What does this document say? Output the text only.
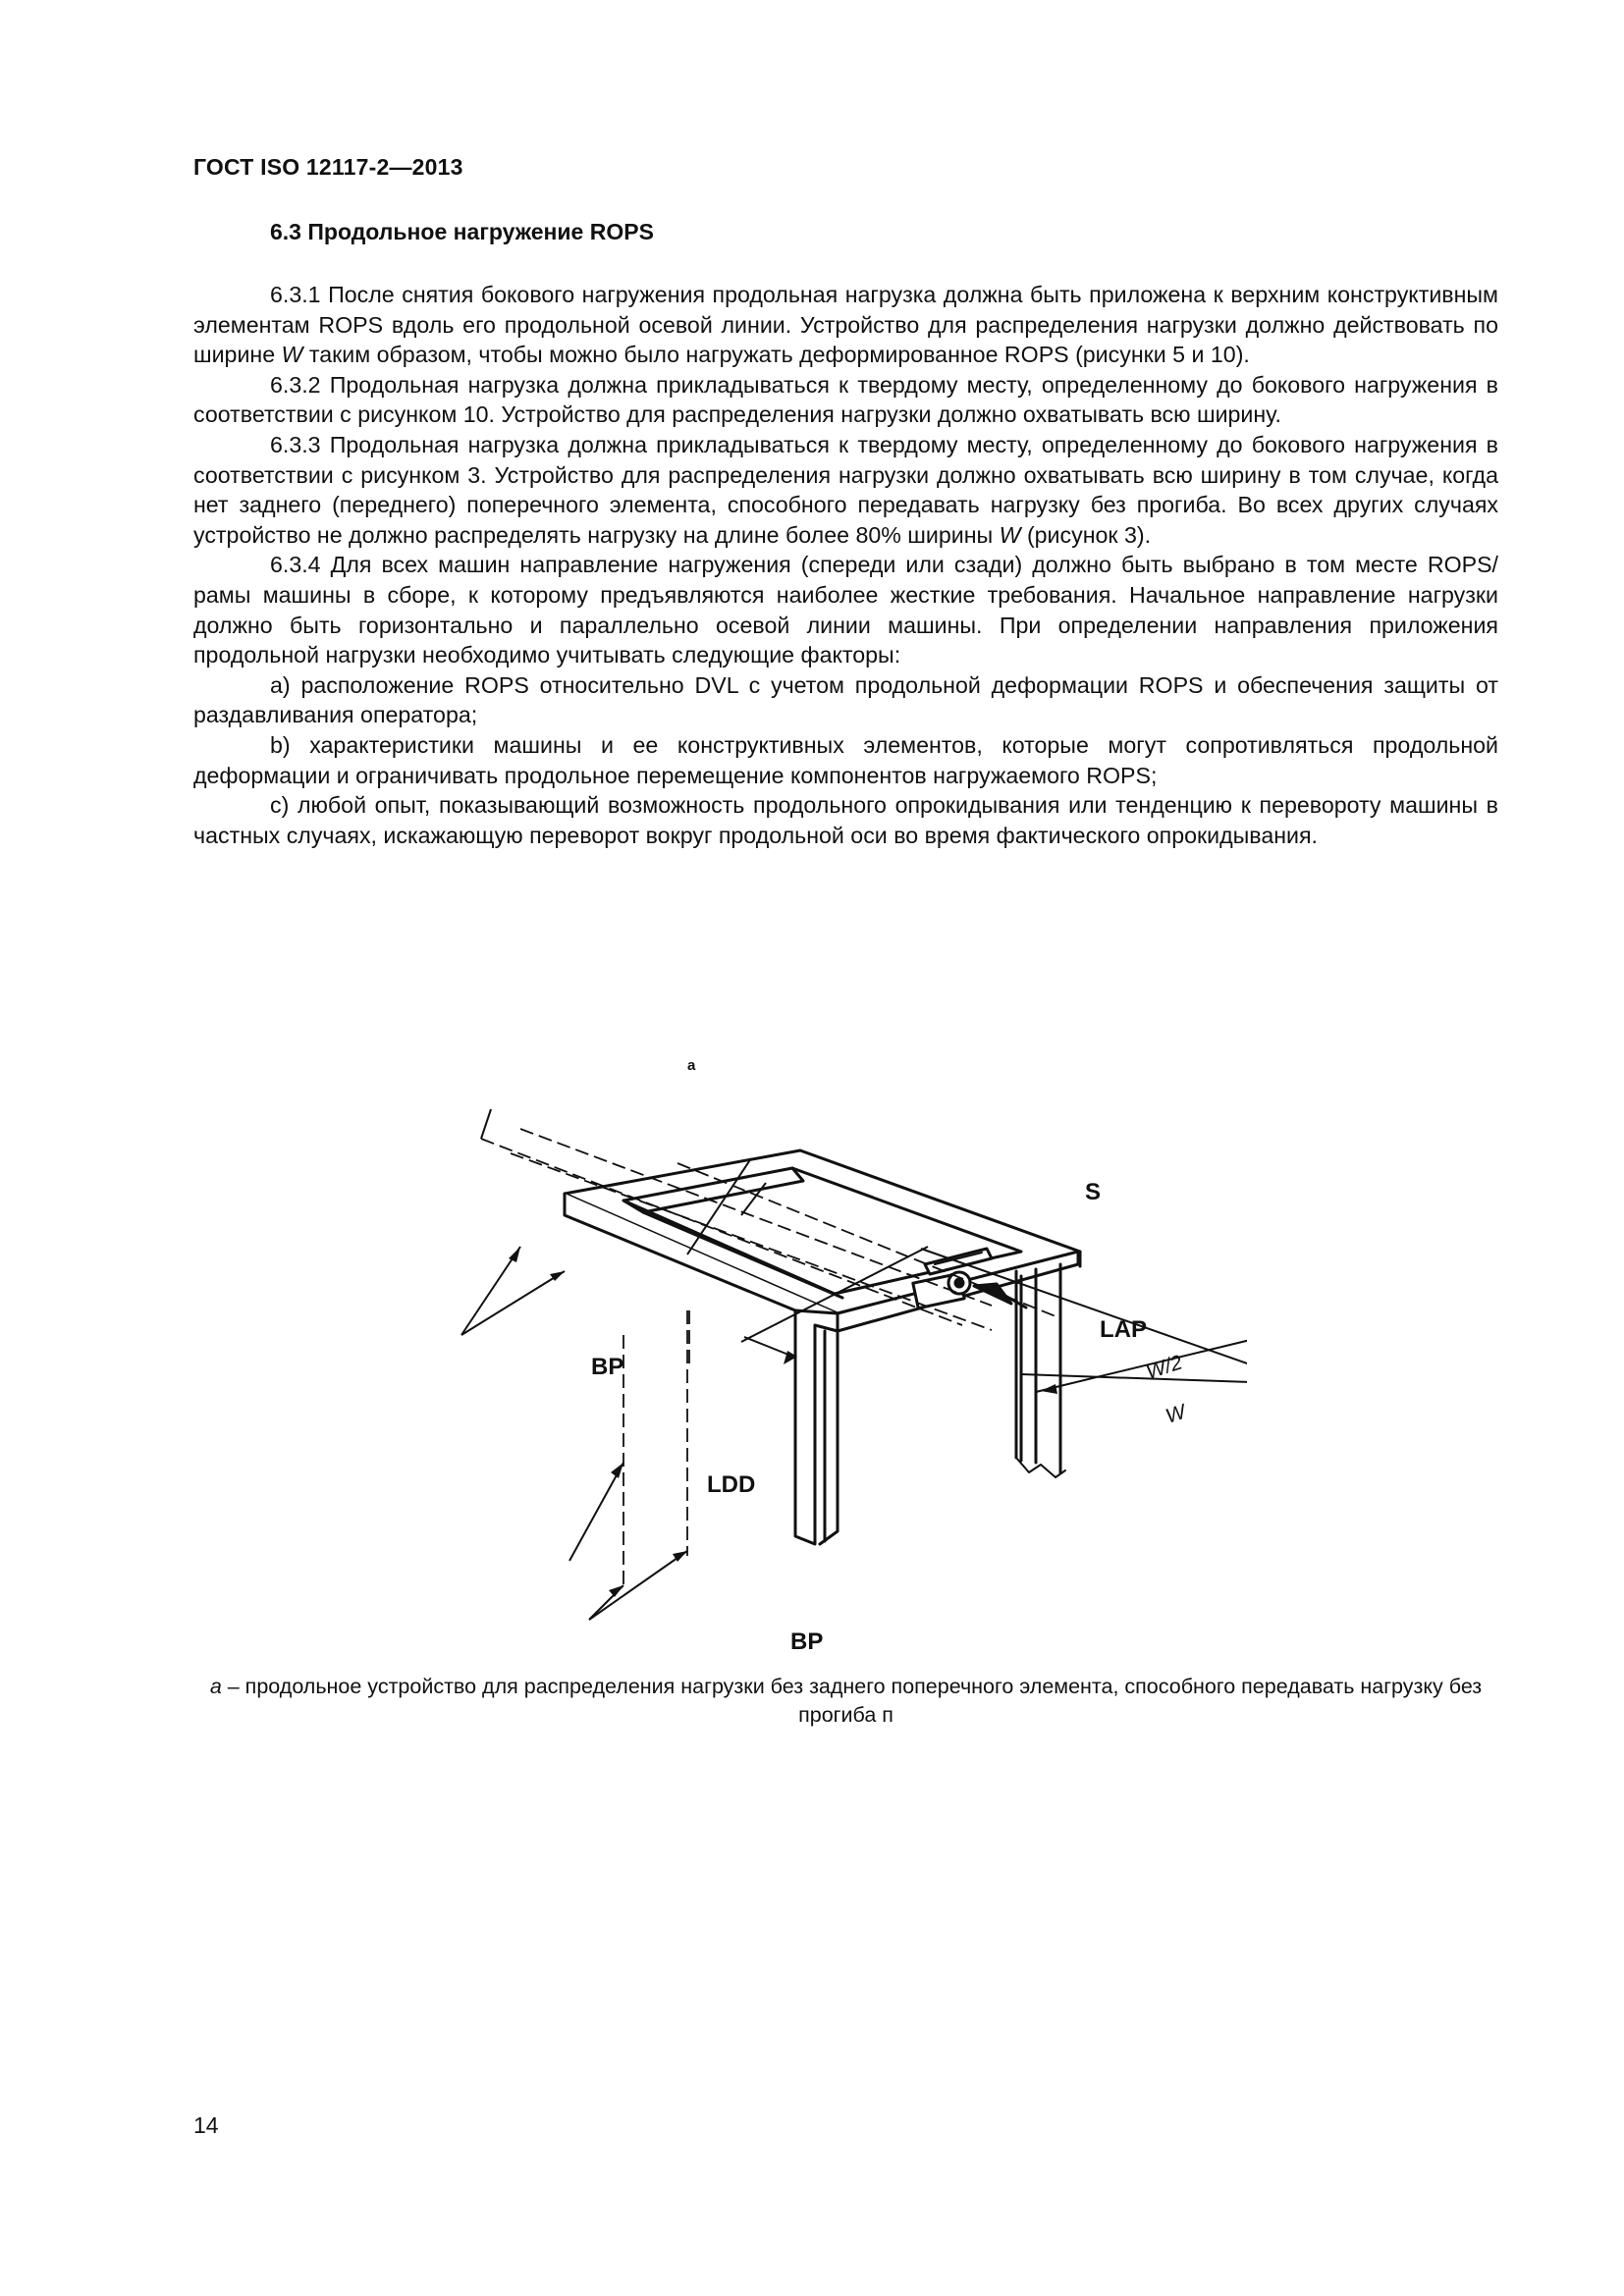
ГОСТ ISO 12117-2—2013
6.3 Продольное нагружение ROPS

6.3.1 После снятия бокового нагружения продольная нагрузка должна быть приложена к верхним конструктивным элементам ROPS вдоль его продольной осевой линии. Устройство для распределения нагрузки должно действовать по ширине W таким образом, чтобы можно было нагружать деформированное ROPS (рисунки 5 и 10).

6.3.2 Продольная нагрузка должна прикладываться к твердому месту, определенному до бокового нагружения в соответствии с рисунком 10. Устройство для распределения нагрузки должно охватывать всю ширину.

6.3.3 Продольная нагрузка должна прикладываться к твердому месту, определенному до бокового нагружения в соответствии с рисунком 3. Устройство для распределения нагрузки должно охватывать всю ширину в том случае, когда нет заднего (переднего) поперечного элемента, способного передавать нагрузку без прогиба. Во всех других случаях устройство не должно распределять нагрузку на длине более 80% ширины W (рисунок 3).

6.3.4 Для всех машин направление нагружения (спереди или сзади) должно быть выбрано в том месте ROPS/рамы машины в сборе, к которому предъявляются наиболее жесткие требования. Начальное направление нагрузки должно быть горизонтально и параллельно осевой линии машины. При определении направления приложения продольной нагрузки необходимо учитывать следующие факторы:

а) расположение ROPS относительно DVL с учетом продольной деформации ROPS и обеспечения защиты от раздавливания оператора;

b) характеристики машины и ее конструктивных элементов, которые могут сопротивляться продольной деформации и ограничивать продольное перемещение компонентов нагружаемого ROPS;

c) любой опыт, показывающий возможность продольного опрокидывания или тенденцию к перевороту машины в частных случаях, искажающую переворот вокруг продольной оси во время фактического опрокидывания.

a
S
LAP
BP
LDD
BP
W/2
W
а – продольное устройство для распределения нагрузки без заднего поперечного элемента, способного передавать нагрузку без прогиба п
14
